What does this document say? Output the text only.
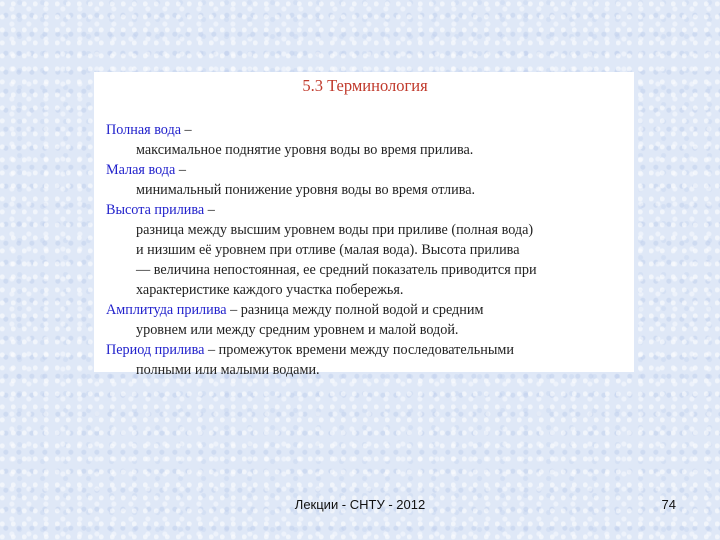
5.3 Терминология
Полная вода –
максимальное поднятие уровня воды во время прилива.
Малая вода –
минимальный понижение уровня воды во время отлива.
Высота прилива –
разница между высшим уровнем воды при приливе (полная вода)
и низшим её уровнем при отливе (малая вода). Высота прилива
— величина непостоянная, ее средний показатель приводится при
характеристике каждого участка побережья.
Амплитуда прилива – разница между полной водой и средним
уровнем или между средним уровнем и малой водой.
Период прилива – промежуток времени между последовательными
полными или малыми водами.
Лекции - СНТУ - 2012	74
